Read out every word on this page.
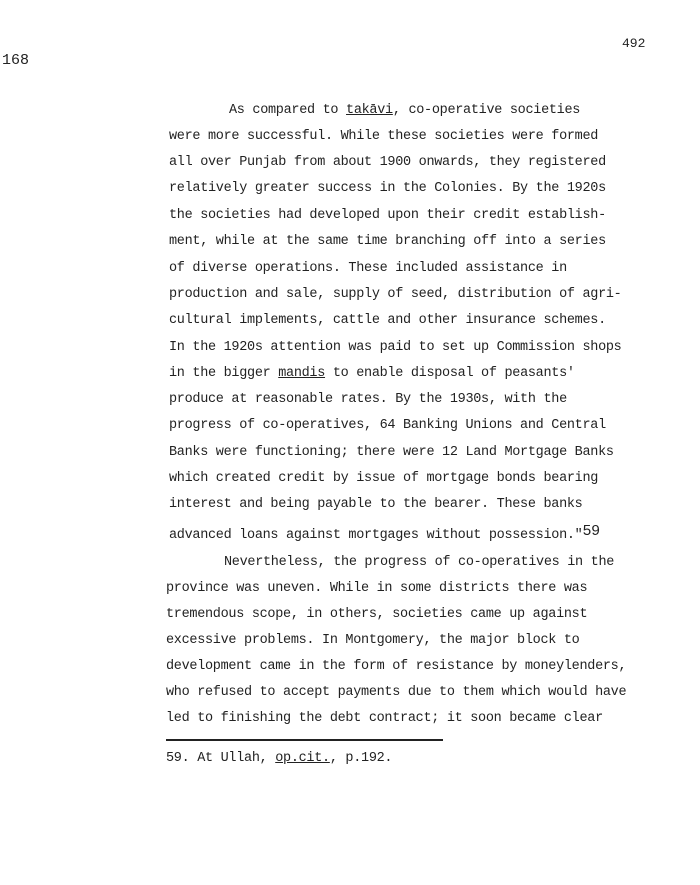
168
492
As compared to takāvi, co-operative societies
were more successful. While these societies were formed
all over Punjab from about 1900 onwards, they registered
relatively greater success in the Colonies. By the 1920s
the societies had developed upon their credit establish-
ment, while at the same time branching off into a series
of diverse operations. These included assistance in
production and sale, supply of seed, distribution of agri-
cultural implements, cattle and other insurance schemes.
In the 1920s attention was paid to set up Commission shops
in the bigger mandis to enable disposal of peasants'
produce at reasonable rates. By the 1930s, with the
progress of co-operatives, 64 Banking Unions and Central
Banks were functioning; there were 12 Land Mortgage Banks
which created credit by issue of mortgage bonds bearing
interest and being payable to the bearer. These banks
advanced loans against mortgages without possession."59
Nevertheless, the progress of co-operatives in the
province was uneven. While in some districts there was
tremendous scope, in others, societies came up against
excessive problems. In Montgomery, the major block to
development came in the form of resistance by moneylenders,
who refused to accept payments due to them which would have
led to finishing the debt contract; it soon became clear
59. At Ullah, op.cit., p.192.
